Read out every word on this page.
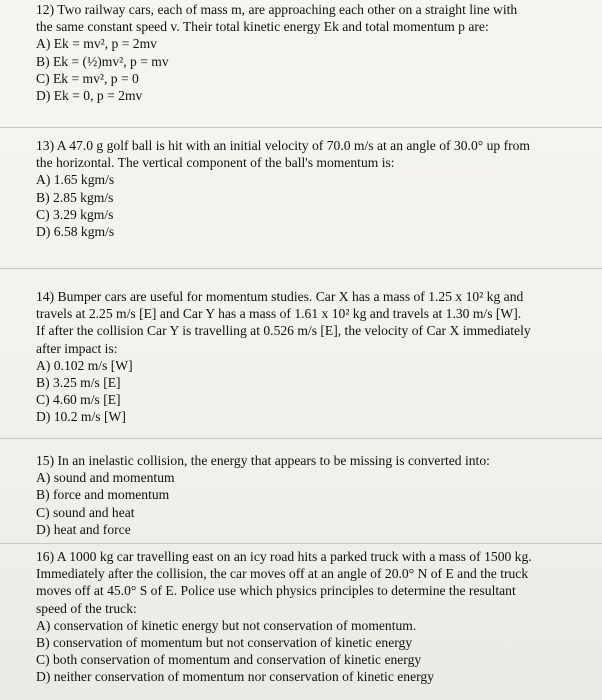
12) Two railway cars, each of mass m, are approaching each other on a straight line with
the same constant speed v. Their total kinetic energy Ek and total momentum p are:
A) Ek = mv², p = 2mv
B) Ek = (½)mv², p = mv
C) Ek = mv², p = 0
D) Ek = 0, p = 2mv
13) A 47.0 g golf ball is hit with an initial velocity of 70.0 m/s at an angle of 30.0° up from
the horizontal. The vertical component of the ball's momentum is:
A) 1.65 kgm/s
B) 2.85 kgm/s
C) 3.29 kgm/s
D) 6.58 kgm/s
14) Bumper cars are useful for momentum studies. Car X has a mass of 1.25 x 10² kg and
travels at 2.25 m/s [E] and Car Y has a mass of 1.61 x 10² kg and travels at 1.30 m/s [W].
If after the collision Car Y is travelling at 0.526 m/s [E], the velocity of Car X immediately
after impact is:
A) 0.102 m/s [W]
B) 3.25 m/s [E]
C) 4.60 m/s [E]
D) 10.2 m/s [W]
15) In an inelastic collision, the energy that appears to be missing is converted into:
A) sound and momentum
B) force and momentum
C) sound and heat
D) heat and force
16) A 1000 kg car travelling east on an icy road hits a parked truck with a mass of 1500 kg.
Immediately after the collision, the car moves off at an angle of 20.0° N of E and the truck
moves off at 45.0° S of E. Police use which physics principles to determine the resultant
speed of the truck:
A) conservation of kinetic energy but not conservation of momentum.
B) conservation of momentum but not conservation of kinetic energy
C) both conservation of momentum and conservation of kinetic energy
D) neither conservation of momentum nor conservation of kinetic energy
